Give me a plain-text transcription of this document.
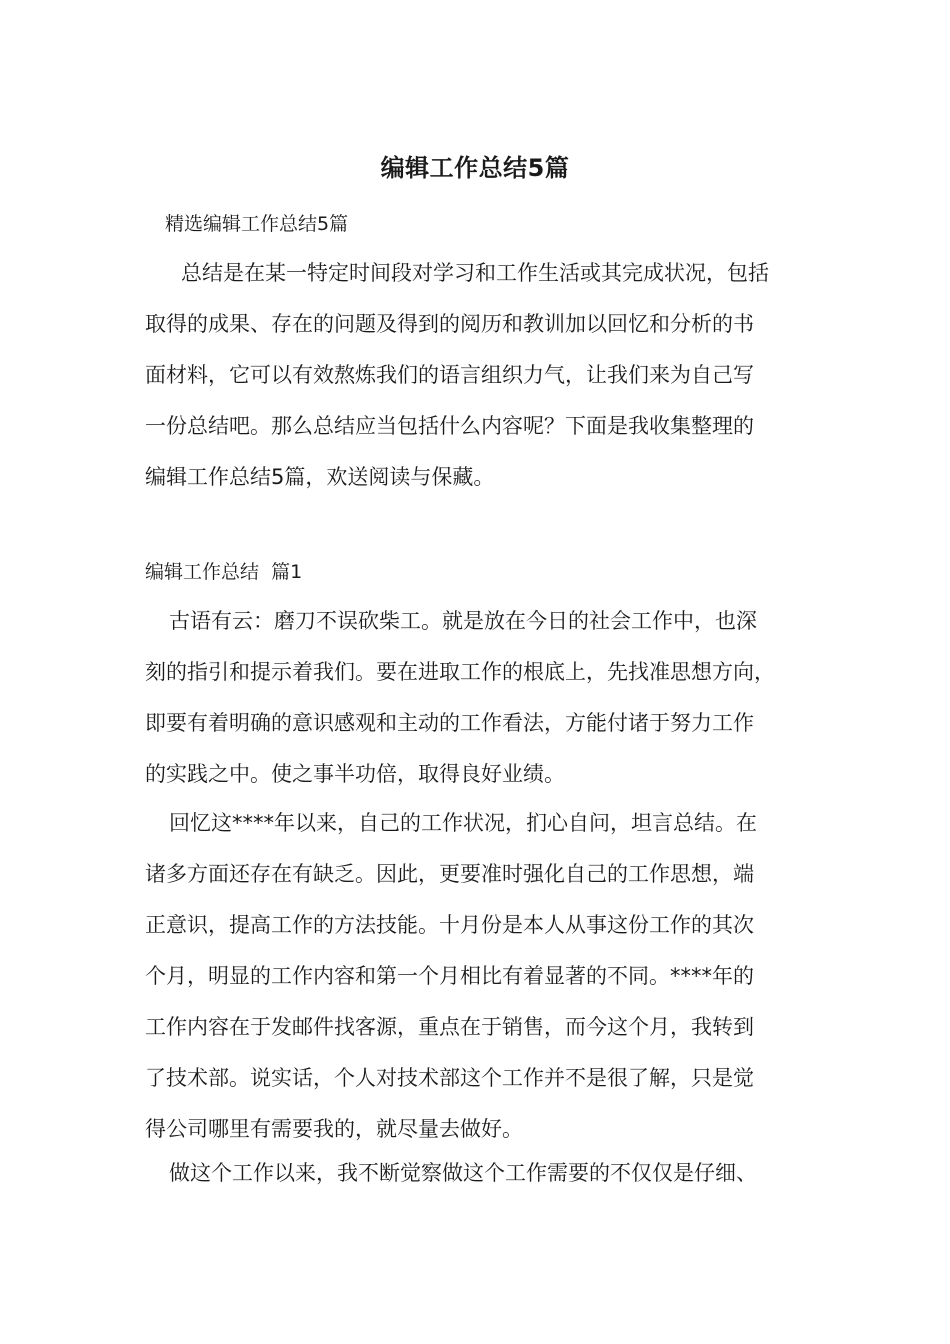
编辑工作总结5篇
精选编辑工作总结5篇
总结是在某一特定时间段对学习和工作生活或其完成状况，包括
取得的成果、存在的问题及得到的阅历和教训加以回忆和分析的书
面材料，它可以有效熬炼我们的语言组织力气，让我们来为自己写
一份总结吧。那么总结应当包括什么内容呢？下面是我收集整理的
编辑工作总结5篇，欢送阅读与保藏。
编辑工作总结  篇1
古语有云：磨刀不误砍柴工。就是放在今日的社会工作中，也深
刻的指引和提示着我们。要在进取工作的根底上，先找准思想方向，
即要有着明确的意识感观和主动的工作看法，方能付诸于努力工作
的实践之中。使之事半功倍，取得良好业绩。
回忆这****年以来，自己的工作状况，扪心自问，坦言总结。在
诸多方面还存在有缺乏。因此，更要准时强化自己的工作思想，端
正意识，提高工作的方法技能。十月份是本人从事这份工作的其次
个月，明显的工作内容和第一个月相比有着显著的不同。****年的
工作内容在于发邮件找客源，重点在于销售，而今这个月，我转到
了技术部。说实话，个人对技术部这个工作并不是很了解，只是觉
得公司哪里有需要我的，就尽量去做好。
做这个工作以来，我不断觉察做这个工作需要的不仅仅是仔细、
